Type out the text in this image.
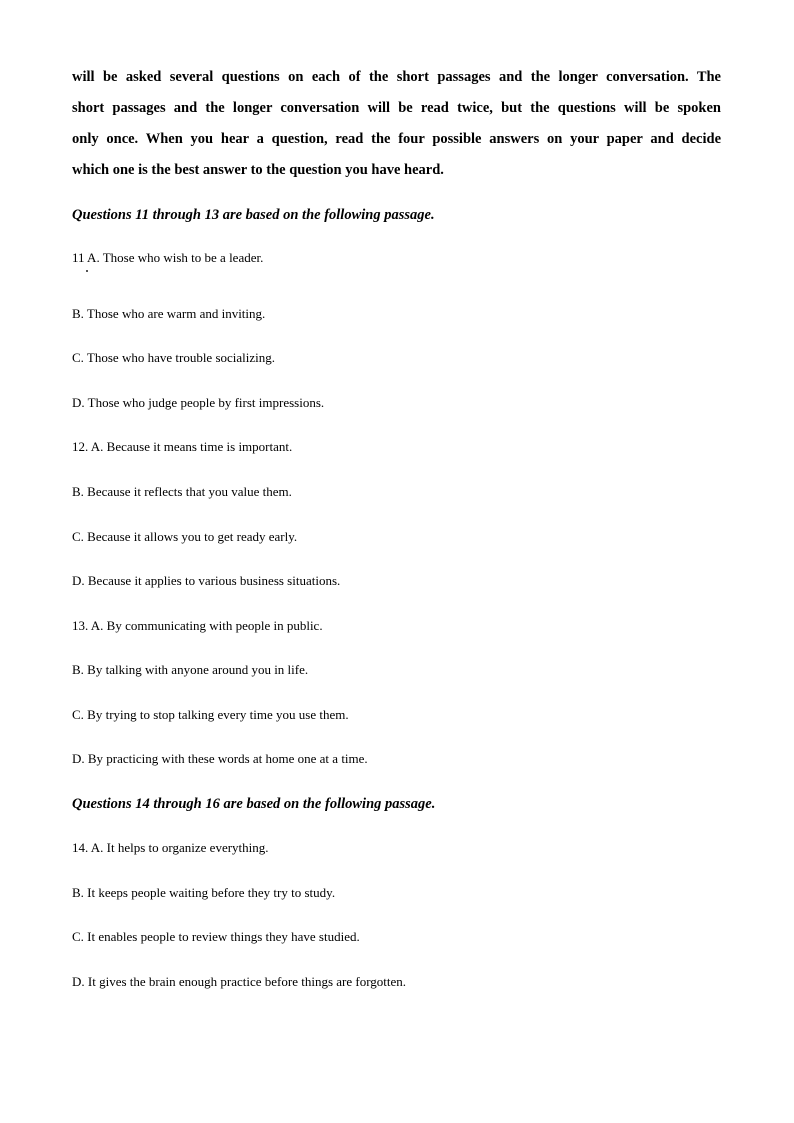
will be asked several questions on each of the short passages and the longer conversation. The
short passages and the longer conversation will be read twice, but the questions will be spoken
only once. When you hear a question, read the four possible answers on your paper and decide
which one is the best answer to the question you have heard.
Questions 11 through 13 are based on the following passage.
11 A. Those who wish to be a leader.
B. Those who are warm and inviting.
C. Those who have trouble socializing.
D. Those who judge people by first impressions.
12. A. Because it means time is important.
B. Because it reflects that you value them.
C. Because it allows you to get ready early.
D. Because it applies to various business situations.
13. A. By communicating with people in public.
B. By talking with anyone around you in life.
C. By trying to stop talking every time you use them.
D. By practicing with these words at home one at a time.
Questions 14 through 16 are based on the following passage.
14. A. It helps to organize everything.
B. It keeps people waiting before they try to study.
C. It enables people to review things they have studied.
D. It gives the brain enough practice before things are forgotten.
